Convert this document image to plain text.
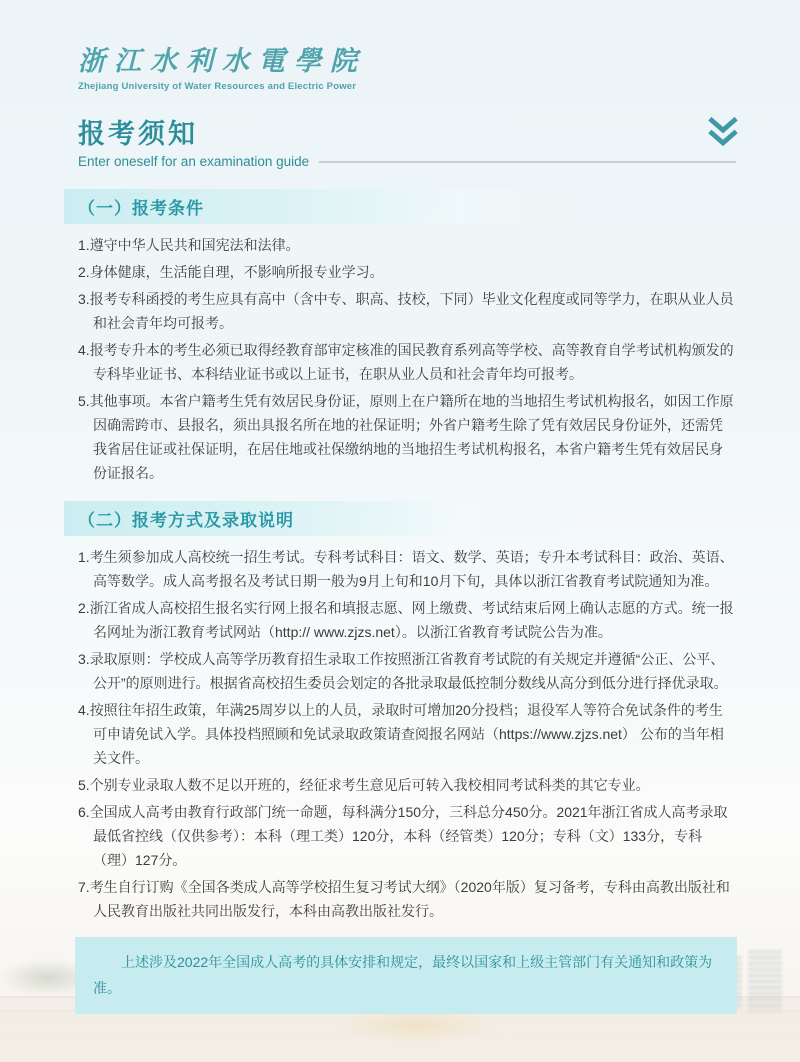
浙江水利水電學院
Zhejiang University of Water Resources and Electric Power
报考须知
Enter oneself for an examination guide
（一）报考条件
1.遵守中华人民共和国宪法和法律。
2.身体健康，生活能自理，不影响所报专业学习。
3.报考专科函授的考生应具有高中（含中专、职高、技校，下同）毕业文化程度或同等学力，在职从业人员和社会青年均可报考。
4.报考专升本的考生必须已取得经教育部审定核准的国民教育系列高等学校、高等教育自学考试机构颁发的专科毕业证书、本科结业证书或以上证书，在职从业人员和社会青年均可报考。
5.其他事项。本省户籍考生凭有效居民身份证，原则上在户籍所在地的当地招生考试机构报名，如因工作原因确需跨市、县报名，须出具报名所在地的社保证明；外省户籍考生除了凭有效居民身份证外，还需凭我省居住证或社保证明，在居住地或社保缴纳地的当地招生考试机构报名，本省户籍考生凭有效居民身份证报名。
（二）报考方式及录取说明
1.考生须参加成人高校统一招生考试。专科考试科目：语文、数学、英语；专升本考试科目：政治、英语、高等数学。成人高考报名及考试日期一般为9月上旬和10月下旬，具体以浙江省教育考试院通知为准。
2.浙江省成人高校招生报名实行网上报名和填报志愿、网上缴费、考试结束后网上确认志愿的方式。统一报名网址为浙江教育考试网站（http:// www.zjzs.net）。以浙江省教育考试院公告为准。
3.录取原则：学校成人高等学历教育招生录取工作按照浙江省教育考试院的有关规定并遵循“公正、公平、公开”的原则进行。根据省高校招生委员会划定的各批录取最低控制分数线从高分到低分进行择优录取。
4.按照往年招生政策，年满25周岁以上的人员，录取时可增加20分投档；退役军人等符合免试条件的考生可申请免试入学。具体投档照顾和免试录取政策请查阅报名网站（https://www.zjzs.net） 公布的当年相关文件。
5.个别专业录取人数不足以开班的，经征求考生意见后可转入我校相同考试科类的其它专业。
6.全国成人高考由教育行政部门统一命题，每科满分150分，三科总分450分。2021年浙江省成人高考录取最低省控线（仅供参考）：本科（理工类）120分，本科（经管类）120分；专科（文）133分，专科（理）127分。
7.考生自行订购《全国各类成人高等学校招生复习考试大纲》（2020年版）复习备考，专科由高教出版社和人民教育出版社共同出版发行，本科由高教出版社发行。

上述涉及2022年全国成人高考的具体安排和规定，最终以国家和上级主管部门有关通知和政策为准。
